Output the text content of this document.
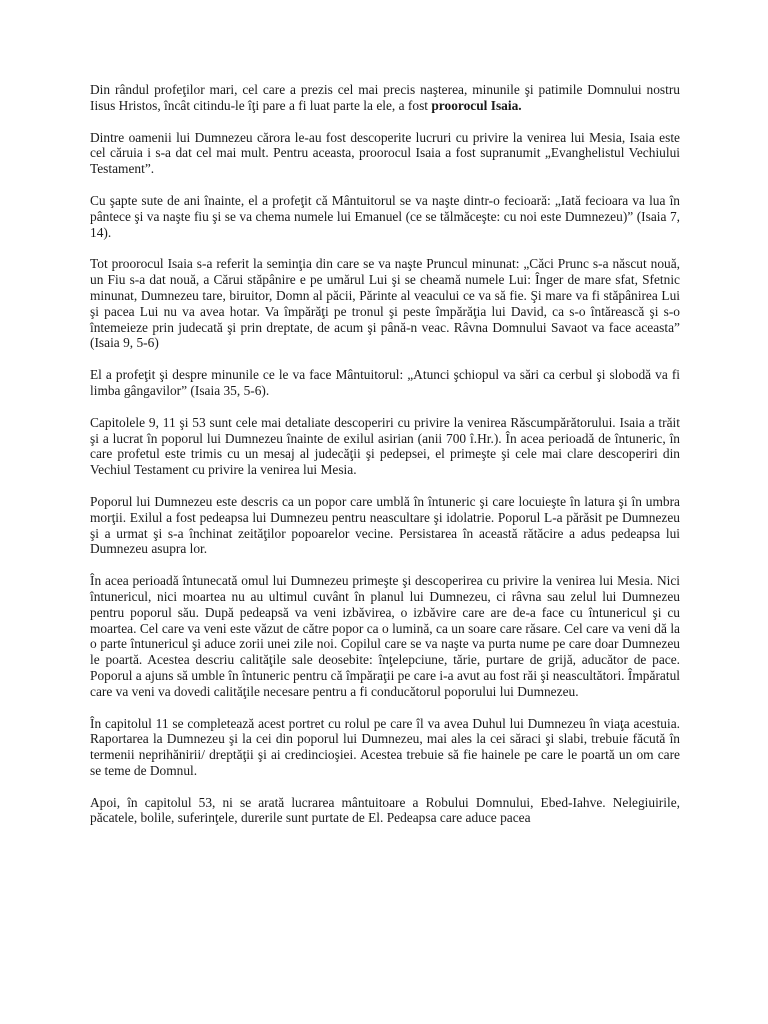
Din rândul profeţilor mari, cel care a prezis cel mai precis naşterea, minunile şi patimile Domnului nostru Iisus Hristos, încât citindu-le îţi pare a fi luat parte la ele, a fost proorocul Isaia.

Dintre oamenii lui Dumnezeu cărora le-au fost descoperite lucruri cu privire la venirea lui Mesia, Isaia este cel căruia i s-a dat cel mai mult. Pentru aceasta, proorocul Isaia a fost supranumit „Evanghelistul Vechiului Testament”.

Cu şapte sute de ani înainte, el a profeţit că Mântuitorul se va naşte dintr-o fecioară: „Iată fecioara va lua în pântece şi va naşte fiu şi se va chema numele lui Emanuel (ce se tălmăceşte: cu noi este Dumnezeu)” (Isaia 7, 14).

Tot proorocul Isaia s-a referit la seminţia din care se va naşte Pruncul minunat: „Căci Prunc s-a născut nouă, un Fiu s-a dat nouă, a Cărui stăpânire e pe umărul Lui şi se cheamă numele Lui: Înger de mare sfat, Sfetnic minunat, Dumnezeu tare, biruitor, Domn al păcii, Părinte al veacului ce va să fie. Şi mare va fi stăpânirea Lui şi pacea Lui nu va avea hotar. Va împărăţi pe tronul şi peste împărăţia lui David, ca s-o întărească şi s-o întemeieze prin judecată şi prin dreptate, de acum şi până-n veac. Râvna Domnului Savaot va face aceasta” (Isaia 9, 5-6)

El a profeţit şi despre minunile ce le va face Mântuitorul: „Atunci şchiopul va sări ca cerbul şi slobodă va fi limba gângavilor” (Isaia 35, 5-6).

Capitolele 9, 11 şi 53 sunt cele mai detaliate descoperiri cu privire la venirea Răscumpărătorului. Isaia a trăit şi a lucrat în poporul lui Dumnezeu înainte de exilul asirian (anii 700 î.Hr.). În acea perioadă de întuneric, în care profetul este trimis cu un mesaj al judecăţii şi pedepsei, el primeşte şi cele mai clare descoperiri din Vechiul Testament cu privire la venirea lui Mesia.

Poporul lui Dumnezeu este descris ca un popor care umblă în întuneric şi care locuieşte în latura şi în umbra morţii. Exilul a fost pedeapsa lui Dumnezeu pentru neascultare şi idolatrie. Poporul L-a părăsit pe Dumnezeu şi a urmat şi s-a închinat zeităţilor popoarelor vecine. Persistarea în această rătăcire a adus pedeapsa lui Dumnezeu asupra lor.

În acea perioadă întunecată omul lui Dumnezeu primeşte şi descoperirea cu privire la venirea lui Mesia. Nici întunericul, nici moartea nu au ultimul cuvânt în planul lui Dumnezeu, ci râvna sau zelul lui Dumnezeu pentru poporul său. După pedeapsă va veni izbăvirea, o izbăvire care are de-a face cu întunericul şi cu moartea. Cel care va veni este văzut de către popor ca o lumină, ca un soare care răsare. Cel care va veni dă la o parte întunericul şi aduce zorii unei zile noi. Copilul care se va naşte va purta nume pe care doar Dumnezeu le poartă. Acestea descriu calităţile sale deosebite: înţelepciune, tărie, purtare de grijă, aducător de pace. Poporul a ajuns să umble în întuneric pentru că împăraţii pe care i-a avut au fost răi şi neascultători. Împăratul care va veni va dovedi calităţile necesare pentru a fi conducătorul poporului lui Dumnezeu.

În capitolul 11 se completează acest portret cu rolul pe care îl va avea Duhul lui Dumnezeu în viaţa acestuia. Raportarea la Dumnezeu şi la cei din poporul lui Dumnezeu, mai ales la cei săraci şi slabi, trebuie făcută în termenii neprihănirii/ dreptăţii şi ai credincioşiei. Acestea trebuie să fie hainele pe care le poartă un om care se teme de Domnul.

Apoi, în capitolul 53, ni se arată lucrarea mântuitoare a Robului Domnului, Ebed-Iahve. Nelegiuirile, păcatele, bolile, suferinţele, durerile sunt purtate de El. Pedeapsa care aduce pacea
